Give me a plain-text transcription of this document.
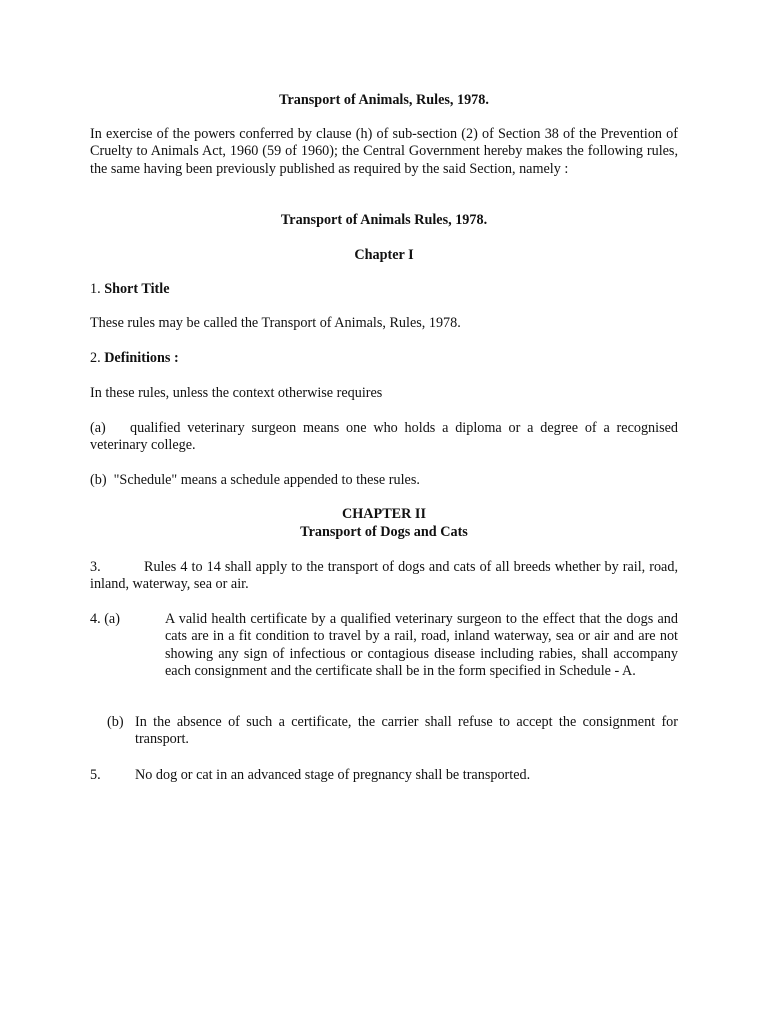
Transport of Animals, Rules, 1978.
In exercise of the powers conferred by clause (h) of sub-section (2) of Section 38 of the Prevention of Cruelty to Animals Act, 1960 (59 of 1960); the Central Government hereby makes the following rules, the same having been previously published as required by the said Section, namely :
Transport of Animals Rules, 1978.
Chapter I
1. Short Title
These rules may be called the Transport of Animals, Rules, 1978.
2. Definitions :
In these rules, unless the context otherwise requires
(a) qualified veterinary surgeon means one who holds a diploma or a degree of a recognised veterinary college.
(b) "Schedule" means a schedule appended to these rules.
CHAPTER II
Transport of Dogs and Cats
3.	Rules 4 to 14 shall apply to the transport of dogs and cats of all breeds whether by rail, road, inland, waterway, sea or air.
4. (a)	A valid health certificate by a qualified veterinary surgeon to the effect that the dogs and cats are in a fit condition to travel by a rail, road, inland waterway, sea or air and are not showing any sign of infectious or contagious disease including rabies, shall accompany each consignment and the certificate shall be in the form specified in Schedule - A.
(b) In the absence of such a certificate, the carrier shall refuse to accept the consignment for transport.
5. No dog or cat in an advanced stage of pregnancy shall be transported.
